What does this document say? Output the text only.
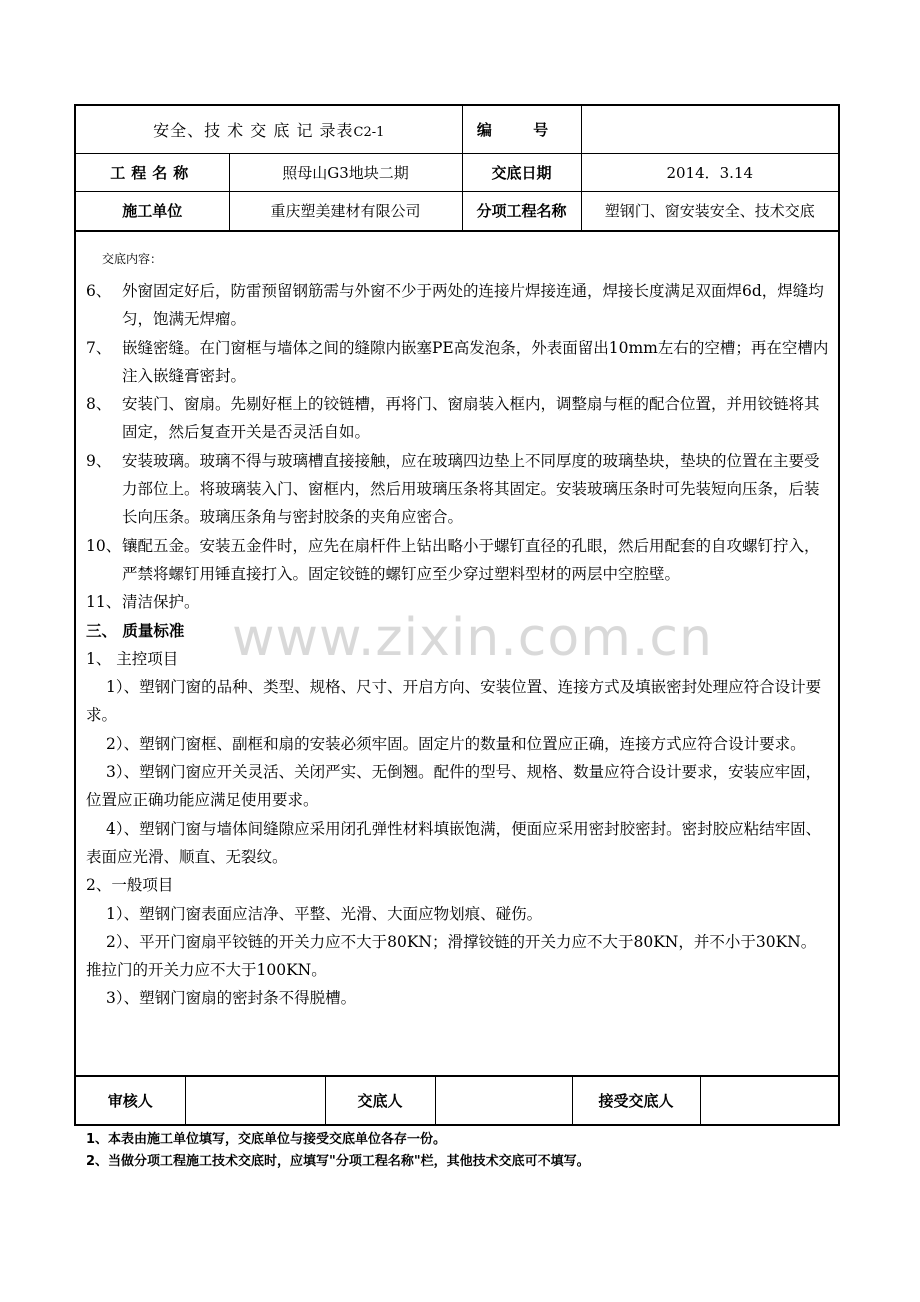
安全、技 术 交 底 记 录表C2-1		编 号	
工程名称	照母山G3地块二期	交底日期	2014．3.14
施工单位	重庆塑美建材有限公司	分项工程名称	塑钢门、窗安装安全、技术交底
交底内容：
6、 外窗固定好后，防雷预留钢筋需与外窗不少于两处的连接片焊接连通，焊接长度满足双面焊6d，焊缝均匀，饱满无焊瘤。
7、 嵌缝密缝。在门窗框与墙体之间的缝隙内嵌塞PE高发泡条，外表面留出10mm左右的空槽；再在空槽内注入嵌缝膏密封。
8、 安装门、窗扇。先剔好框上的铰链槽，再将门、窗扇装入框内，调整扇与框的配合位置，并用铰链将其固定，然后复查开关是否灵活自如。
9、 安装玻璃。玻璃不得与玻璃槽直接接触，应在玻璃四边垫上不同厚度的玻璃垫块，垫块的位置在主要受力部位上。将玻璃装入门、窗框内，然后用玻璃压条将其固定。安装玻璃压条时可先装短向压条，后装长向压条。玻璃压条角与密封胶条的夹角应密合。
10、 镶配五金。安装五金件时，应先在扇杆件上钻出略小于螺钉直径的孔眼，然后用配套的自攻螺钉拧入，严禁将螺钉用锤直接打入。固定铰链的螺钉应至少穿过塑料型材的两层中空腔壁。
11、 清洁保护。
三、 质量标准
1、 主控项目
1）、塑钢门窗的品种、类型、规格、尺寸、开启方向、安装位置、连接方式及填嵌密封处理应符合设计要求。
2）、塑钢门窗框、副框和扇的安装必须牢固。固定片的数量和位置应正确，连接方式应符合设计要求。
3）、塑钢门窗应开关灵活、关闭严实、无倒翘。配件的型号、规格、数量应符合设计要求，安装应牢固，位置应正确功能应满足使用要求。
4）、塑钢门窗与墙体间缝隙应采用闭孔弹性材料填嵌饱满，便面应采用密封胶密封。密封胶应粘结牢固、表面应光滑、顺直、无裂纹。
2、一般项目
1）、塑钢门窗表面应洁净、平整、光滑、大面应物划痕、碰伤。
2）、平开门窗扇平铰链的开关力应不大于80KN；滑撑铰链的开关力应不大于80KN，并不小于30KN。推拉门的开关力应不大于100KN。
3）、塑钢门窗扇的密封条不得脱槽。
审核人		交底人		接受交底人	
www.zixin.com.cn
1、本表由施工单位填写，交底单位与接受交底单位各存一份。
2、当做分项工程施工技术交底时，应填写"分项工程名称"栏，其他技术交底可不填写。
